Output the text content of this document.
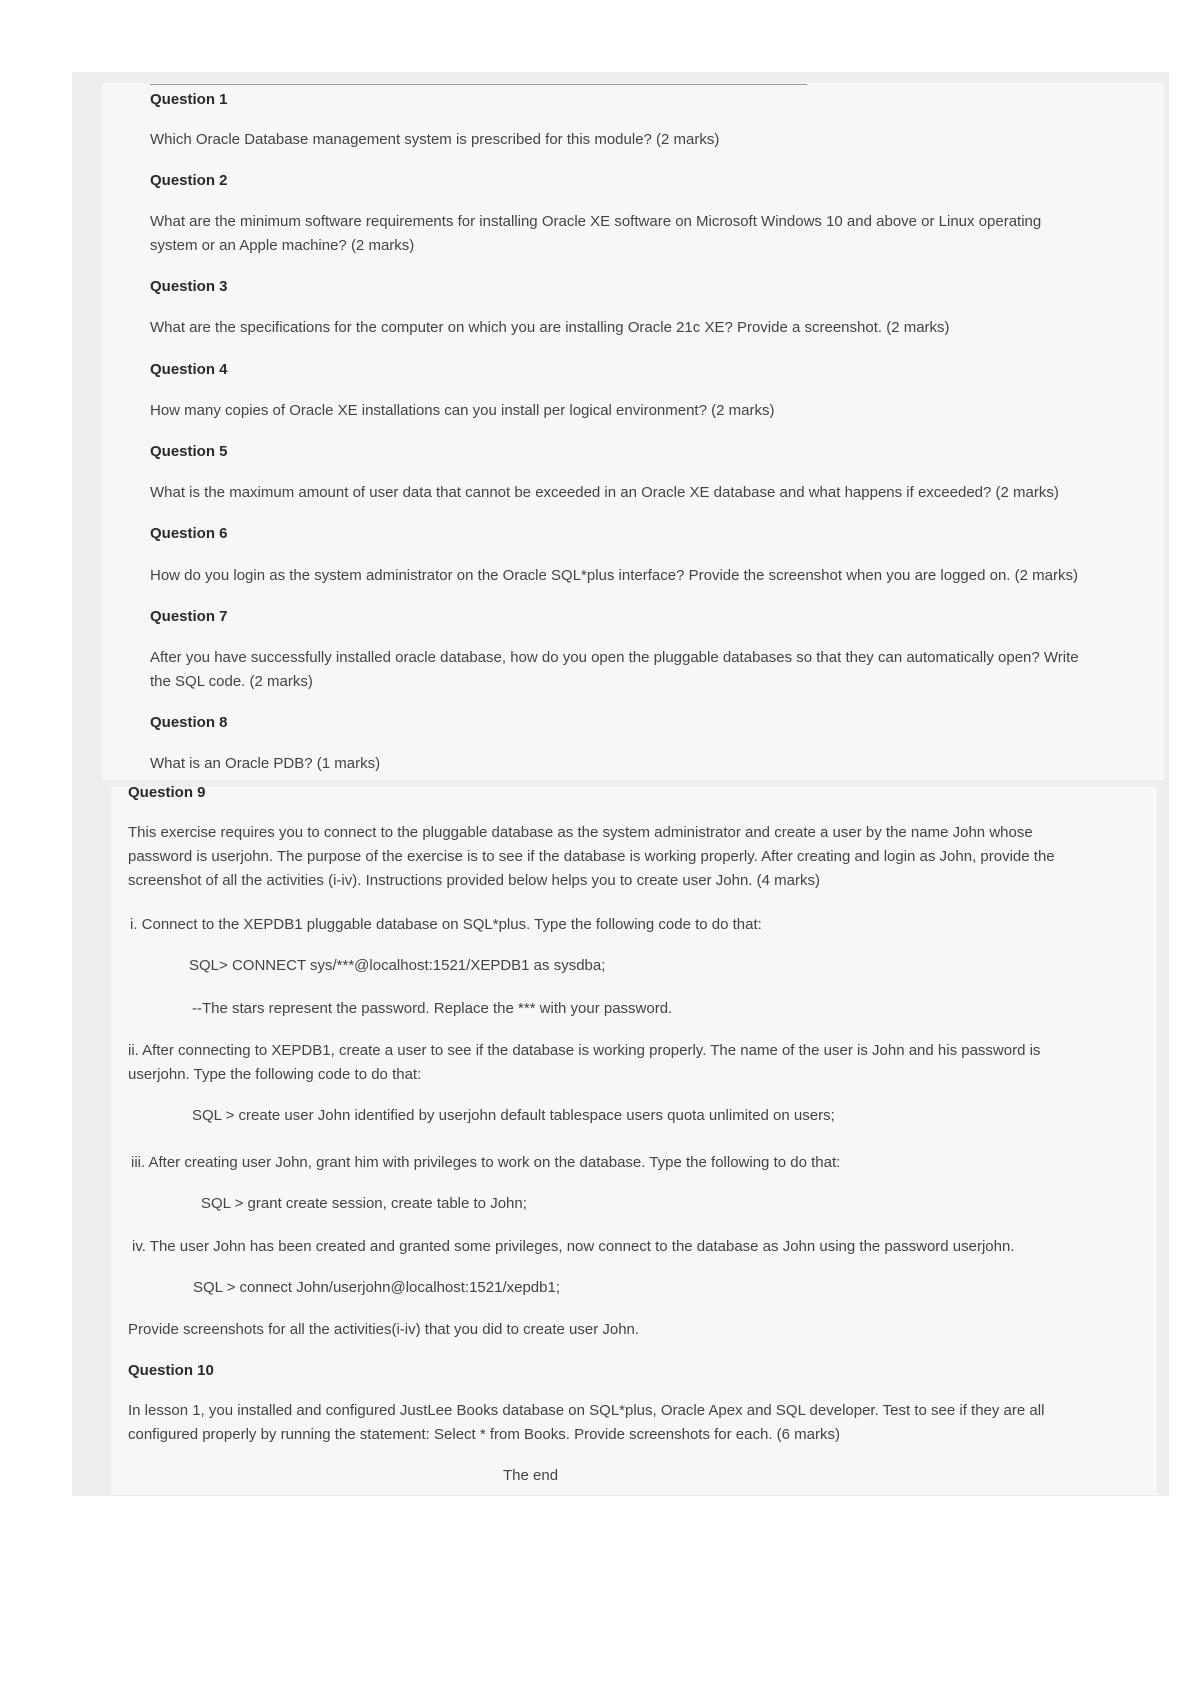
Question 1
Which Oracle Database management system is prescribed for this module? (2 marks)
Question 2
What are the minimum software requirements for installing Oracle XE software on Microsoft Windows 10 and above or Linux operating
system or an Apple machine? (2 marks)
Question 3
What are the specifications for the computer on which you are installing Oracle 21c XE? Provide a screenshot. (2 marks)
Question 4
How many copies of Oracle XE installations can you install per logical environment? (2 marks)
Question 5
What is the maximum amount of user data that cannot be exceeded in an Oracle XE database and what happens if exceeded? (2 marks)
Question 6
How do you login as the system administrator on the Oracle SQL*plus interface? Provide the screenshot when you are logged on. (2 marks)
Question 7
After you have successfully installed oracle database, how do you open the pluggable databases so that they can automatically open? Write
the SQL code. (2 marks)
Question 8
What is an Oracle PDB? (1 marks)
Question 9
This exercise requires you to connect to the pluggable database as the system administrator and create a user by the name John whose
password is userjohn. The purpose of the exercise is to see if the database is working properly. After creating and login as John, provide the
screenshot of all the activities (i-iv). Instructions provided below helps you to create user John. (4 marks)
i. Connect to the XEPDB1 pluggable database on SQL*plus. Type the following code to do that:
SQL> CONNECT sys/***@localhost:1521/XEPDB1 as sysdba;
--The stars represent the password. Replace the *** with your password.
ii. After connecting to XEPDB1, create a user to see if the database is working properly. The name of the user is John and his password is
userjohn. Type the following code to do that:
SQL > create user John identified by userjohn default tablespace users quota unlimited on users;
iii. After creating user John, grant him with privileges to work on the database. Type the following to do that:
SQL > grant create session, create table to John;
iv. The user John has been created and granted some privileges, now connect to the database as John using the password userjohn.
SQL > connect John/userjohn@localhost:1521/xepdb1;
Provide screenshots for all the activities(i-iv) that you did to create user John.
Question 10
In lesson 1, you installed and configured JustLee Books database on SQL*plus, Oracle Apex and SQL developer. Test to see if they are all
configured properly by running the statement: Select * from Books. Provide screenshots for each. (6 marks)
The end
